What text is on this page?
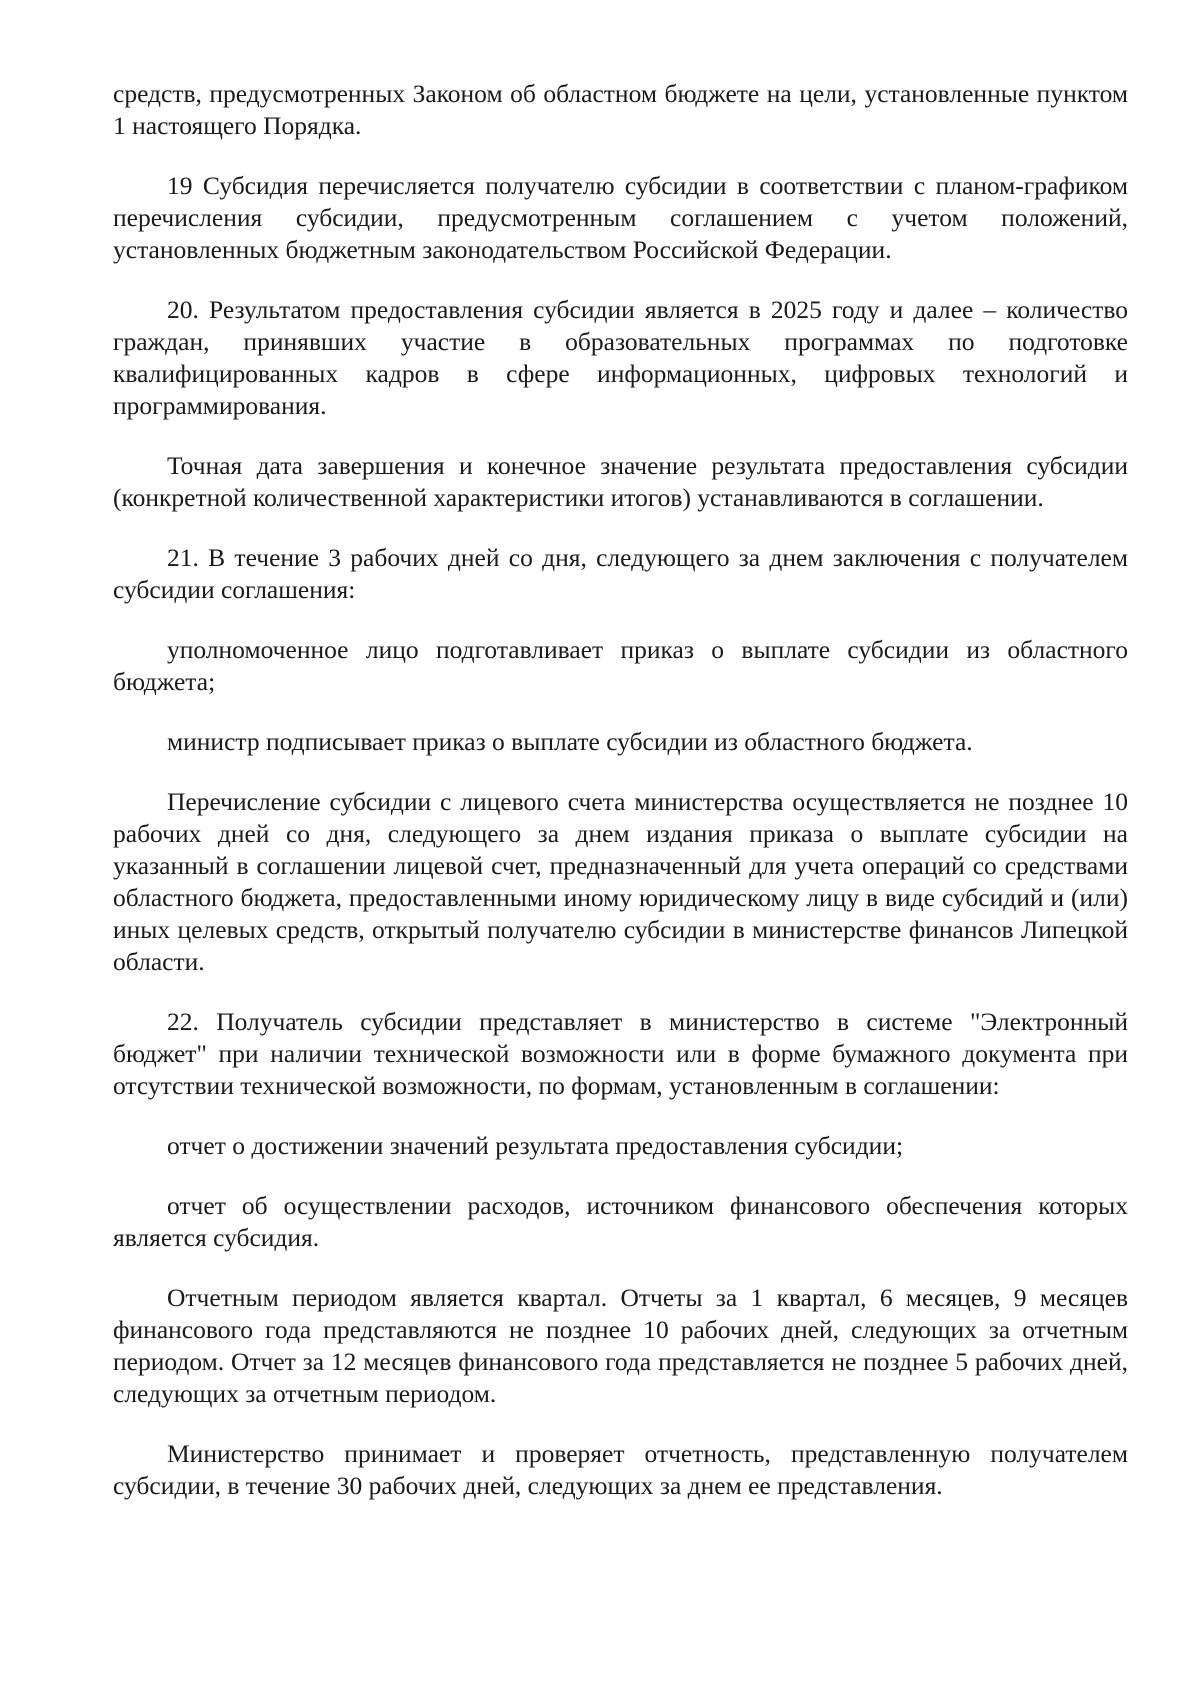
средств, предусмотренных Законом об областном бюджете на цели, установленные пунктом 1 настоящего Порядка.

19 Субсидия перечисляется получателю субсидии в соответствии с планом-графиком перечисления субсидии, предусмотренным соглашением с учетом положений, установленных бюджетным законодательством Российской Федерации.

20. Результатом предоставления субсидии является в 2025 году и далее – количество граждан, принявших участие в образовательных программах по подготовке квалифицированных кадров в сфере информационных, цифровых технологий и программирования.

Точная дата завершения и конечное значение результата предоставления субсидии (конкретной количественной характеристики итогов) устанавливаются в соглашении.

21. В течение 3 рабочих дней со дня, следующего за днем заключения с получателем субсидии соглашения:

уполномоченное лицо подготавливает приказ о выплате субсидии из областного бюджета;

министр подписывает приказ о выплате субсидии из областного бюджета.

Перечисление субсидии с лицевого счета министерства осуществляется не позднее 10 рабочих дней со дня, следующего за днем издания приказа о выплате субсидии на указанный в соглашении лицевой счет, предназначенный для учета операций со средствами областного бюджета, предоставленными иному юридическому лицу в виде субсидий и (или) иных целевых средств, открытый получателю субсидии в министерстве финансов Липецкой области.

22. Получатель субсидии представляет в министерство в системе "Электронный бюджет" при наличии технической возможности или в форме бумажного документа при отсутствии технической возможности, по формам, установленным в соглашении:

отчет о достижении значений результата предоставления субсидии;

отчет об осуществлении расходов, источником финансового обеспечения которых является субсидия.

Отчетным периодом является квартал. Отчеты за 1 квартал, 6 месяцев, 9 месяцев финансового года представляются не позднее 10 рабочих дней, следующих за отчетным периодом. Отчет за 12 месяцев финансового года представляется не позднее 5 рабочих дней, следующих за отчетным периодом.

Министерство принимает и проверяет отчетность, представленную получателем субсидии, в течение 30 рабочих дней, следующих за днем ее представления.
